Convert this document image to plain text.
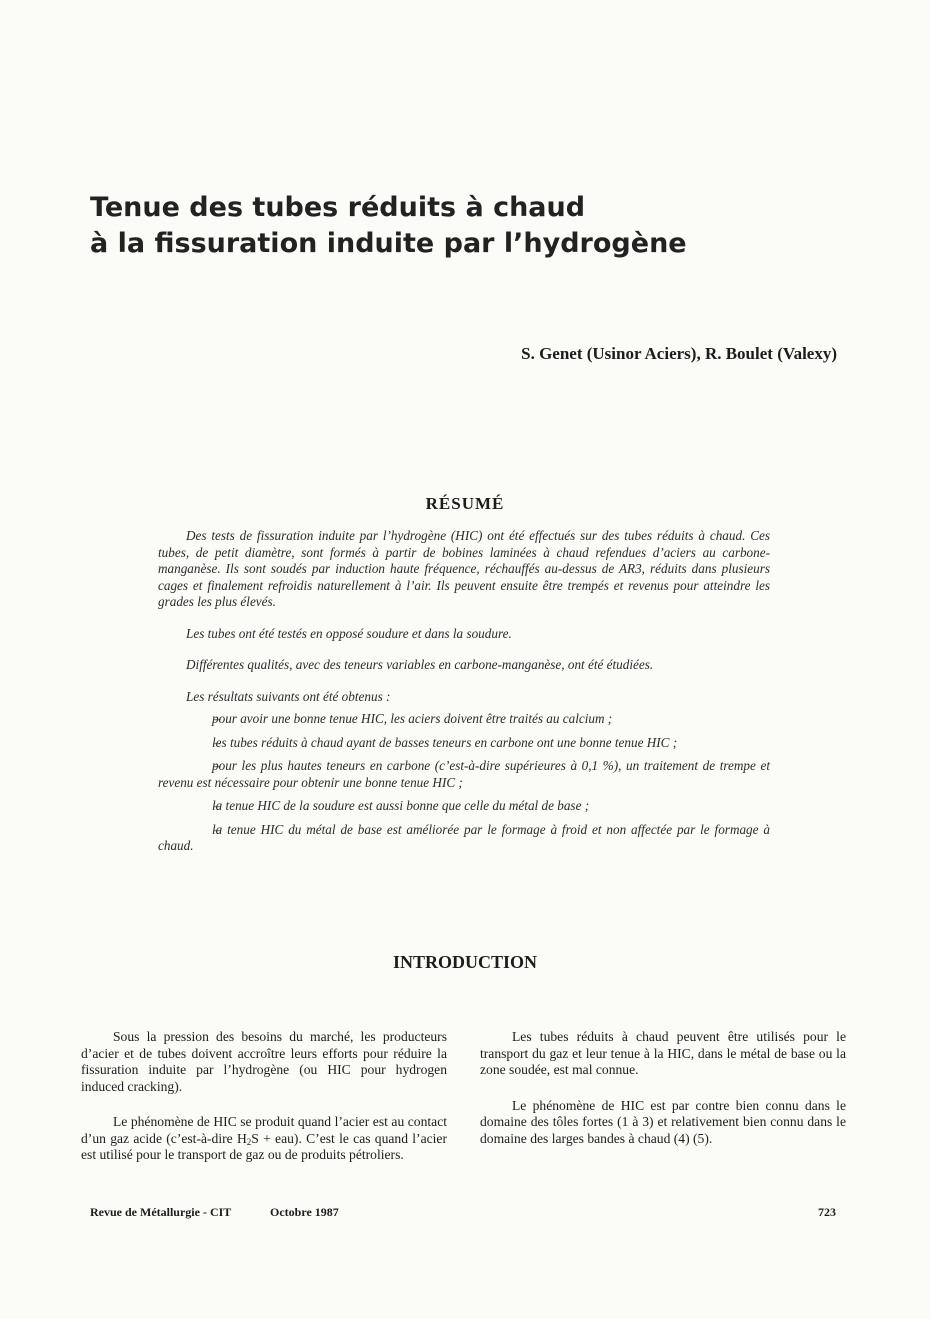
Tenue des tubes réduits à chaud
à la fissuration induite par l’hydrogène

S. Genet (Usinor Aciers), R. Boulet (Valexy)

RÉSUMÉ

Des tests de fissuration induite par l’hydrogène (HIC) ont été effectués sur des tubes réduits à chaud. Ces tubes, de petit diamètre, sont formés à partir de bobines laminées à chaud refendues d’aciers au carbone-manganèse. Ils sont soudés par induction haute fréquence, réchauffés au-dessus de AR3, réduits dans plusieurs cages et finalement refroidis naturellement à l’air. Ils peuvent ensuite être trempés et revenus pour atteindre les grades les plus élevés.

Les tubes ont été testés en opposé soudure et dans la soudure.

Différentes qualités, avec des teneurs variables en carbone-manganèse, ont été étudiées.

Les résultats suivants ont été obtenus :

– pour avoir une bonne tenue HIC, les aciers doivent être traités au calcium ;
– les tubes réduits à chaud ayant de basses teneurs en carbone ont une bonne tenue HIC ;
– pour les plus hautes teneurs en carbone (c’est-à-dire supérieures à 0,1 %), un traitement de trempe et revenu est nécessaire pour obtenir une bonne tenue HIC ;
– la tenue HIC de la soudure est aussi bonne que celle du métal de base ;
– la tenue HIC du métal de base est améliorée par le formage à froid et non affectée par le formage à chaud.
INTRODUCTION

Sous la pression des besoins du marché, les producteurs d’acier et de tubes doivent accroître leurs efforts pour réduire la fissuration induite par l’hydrogène (ou HIC pour hydrogen induced cracking).

Le phénomène de HIC se produit quand l’acier est au contact d’un gaz acide (c’est-à-dire $H_2S + eau$). C’est le cas quand l’acier est utilisé pour le transport de gaz ou de produits pétroliers.

Les tubes réduits à chaud peuvent être utilisés pour le transport du gaz et leur tenue à la HIC, dans le métal de base ou la zone soudée, est mal connue.

Le phénomène de HIC est par contre bien connu dans le domaine des tôles fortes (1 à 3) et relativement bien connu dans le domaine des larges bandes à chaud (4) (5).

Revue de Métallurgie - CIT	Octobre 1987	723
